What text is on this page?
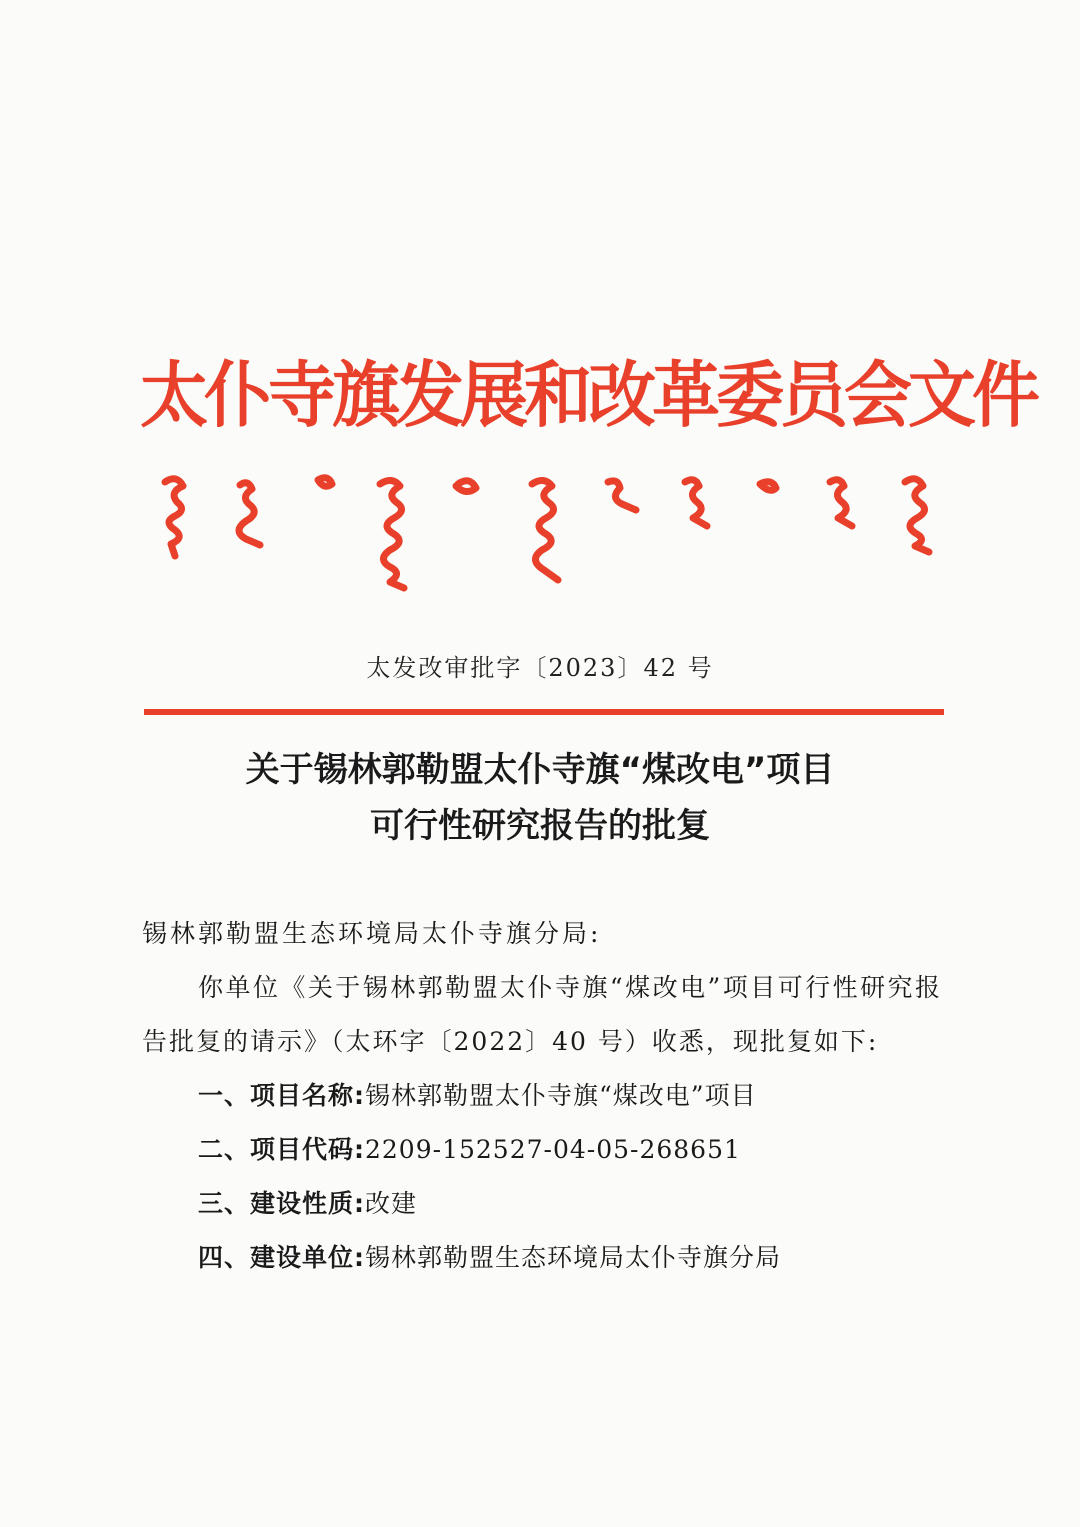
太仆寺旗发展和改革委员会文件
太发改审批字〔2023〕42 号
关于锡林郭勒盟太仆寺旗“煤改电”项目
可行性研究报告的批复
锡林郭勒盟生态环境局太仆寺旗分局:
你单位《关于锡林郭勒盟太仆寺旗“煤改电”项目可行性研究报告批复的请示》（太环字〔2022〕40 号）收悉，现批复如下:
一、项目名称:锡林郭勒盟太仆寺旗“煤改电”项目
二、项目代码:2209-152527-04-05-268651
三、建设性质:改建
四、建设单位:锡林郭勒盟生态环境局太仆寺旗分局
